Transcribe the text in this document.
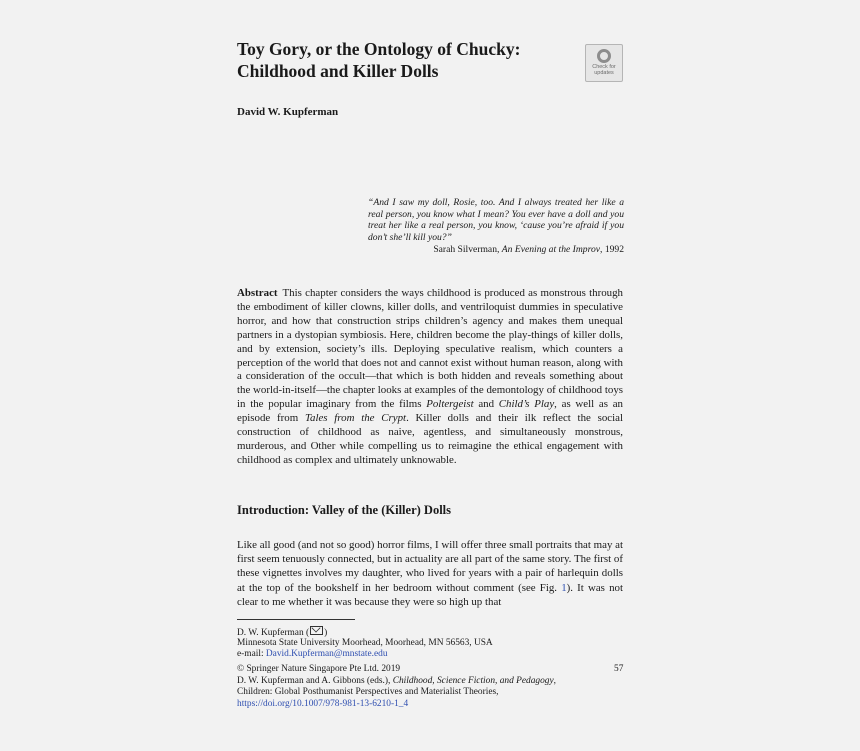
Toy Gory, or the Ontology of Chucky:
Childhood and Killer Dolls	Check for
updates
David W. Kupferman
“And I saw my doll, Rosie, too. And I always treated her like a real person, you know what I mean? You ever have a doll and you treat her like a real person, you know, ‘cause you’re afraid if you don’t she’ll kill you?”
Sarah Silverman, An Evening at the Improv, 1992
Abstract This chapter considers the ways childhood is produced as monstrous through the embodiment of killer clowns, killer dolls, and ventriloquist dummies in speculative horror, and how that construction strips children’s agency and makes them unequal partners in a dystopian symbiosis. Here, children become the play-things of killer dolls, and by extension, society’s ills. Deploying speculative realism, which counters a perception of the world that does not and cannot exist without human reason, along with a consideration of the occult—that which is both hidden and reveals something about the world-in-itself—the chapter looks at examples of the demontology of childhood toys in the popular imaginary from the films Poltergeist and Child’s Play, as well as an episode from Tales from the Crypt. Killer dolls and their ilk reflect the social construction of childhood as naive, agentless, and simultaneously monstrous, murderous, and Other while compelling us to reimagine the ethical engagement with childhood as complex and ultimately unknowable.
Introduction: Valley of the (Killer) Dolls
Like all good (and not so good) horror films, I will offer three small portraits that may at first seem tenuously connected, but in actuality are all part of the same story. The first of these vignettes involves my daughter, who lived for years with a pair of harlequin dolls at the top of the bookshelf in her bedroom without comment (see Fig. 1). It was not clear to me whether it was because they were so high up that
D. W. Kupferman ( )
Minnesota State University Moorhead, Moorhead, MN 56563, USA
e-mail: David.Kupferman@mnstate.edu
© Springer Nature Singapore Pte Ltd. 2019	57
D. W. Kupferman and A. Gibbons (eds.), Childhood, Science Fiction, and Pedagogy,
Children: Global Posthumanist Perspectives and Materialist Theories,
https://doi.org/10.1007/978-981-13-6210-1_4
